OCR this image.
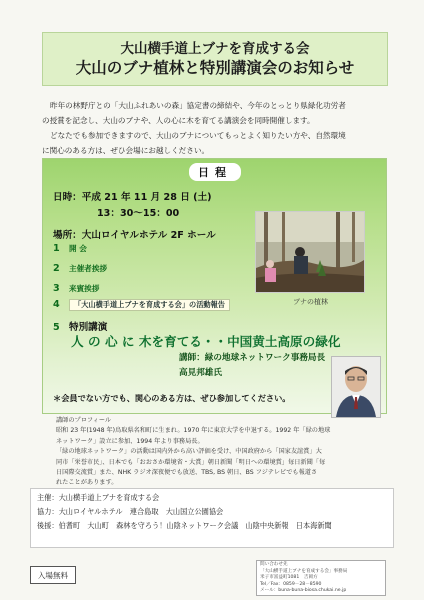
大山横手道上ブナを育成する会
大山のブナ植林と特別講演会のお知らせ

昨年の林野庁との「大山ふれあいの森」協定書の締結や、今年のとっとり県緑化功労者

の授賞を記念し、大山のブナや、人の心に木を育てる講演会を同時開催します。

どなたでも参加できますので、大山のブナについてもっとよく知りたい方や、自然環境

に関心のある方は、ぜひ会場にお越しください。

日程
日時：平成 21 年 11 月 28 日 (土)
13：30～15：00
場所：大山ロイヤルホテル 2F ホール
1 開 会
2 主催者挨拶
3 来賓挨拶
4 「大山横手道上ブナを育成する会」の活動報告	ブナの植林
5 特別講演
人 の 心 に 木を育てる・・中国黄土高原の緑化
講師：緑の地球ネットワーク事務局長
高見邦雄氏
＊会員でない方でも、関心のある方は、ぜひ参加してください。

講師のプロフィール

昭和 23 年(1948 年)鳥取県名和町に生まれ。1970 年に東京大学を中退する。1992 年「緑の地球

ネットワーク」設立に参加、1994 年より事務局長。

「緑の地球ネットワーク」の活動は国内外から高い評価を受け、中国政府から「国家友誼賞」大

同市「栄誉市民」、日本でも「おおさか環境省・大賞」朝日新聞「明日への環境賞」毎日新聞「毎

日国際交流賞」また、NHK ラジオ深夜便でも放送、TBS, BS 朝日、BS フジテレビでも報道さ

れたことがあります。

主催：大山横手道上ブナを育成する会
協力：大山ロイヤルホテル　連合島取　大山国立公園協会
後援：伯耆町　大山町　森林を守ろう！山陰ネットワーク会議　山陰中央新報　日本海新聞
入場無料
問い合わせ先
「大山横手道上ブナを育成する会」事務局
米子市富益町1081　吉岡方
Tel／Fax：0859－28－8590
メール：buna-buna-biosa.chukai.ne.jp
